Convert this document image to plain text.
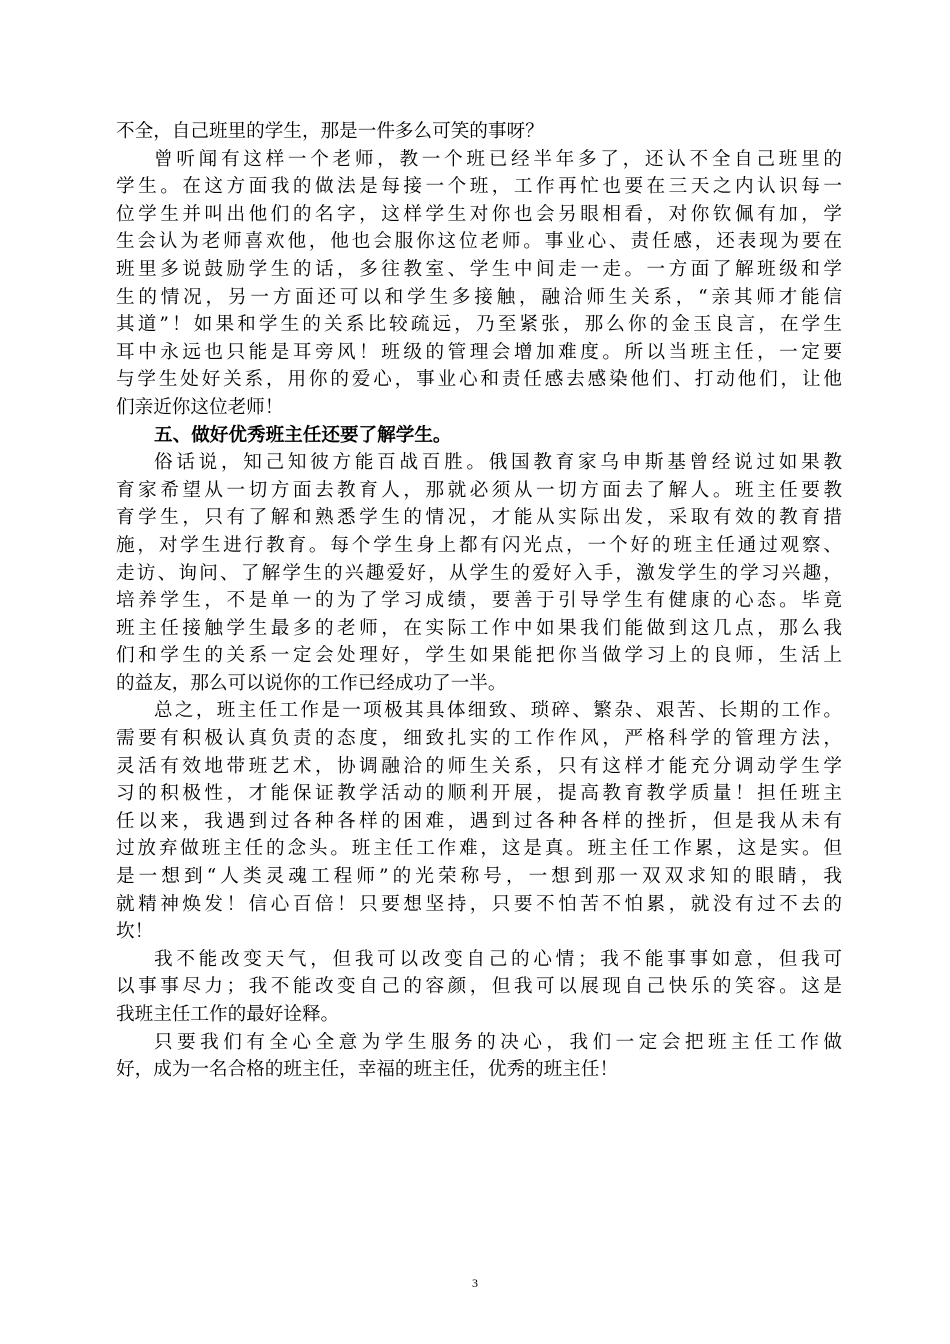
不全，自己班里的学生，那是一件多么可笑的事呀？
曾听闻有这样一个老师，教一个班已经半年多了，还认不全自己班里的
学生。在这方面我的做法是每接一个班，工作再忙也要在三天之内认识每一
位学生并叫出他们的名字，这样学生对你也会另眼相看，对你钦佩有加，学
生会认为老师喜欢他，他也会服你这位老师。事业心、责任感，还表现为要在
班里多说鼓励学生的话，多往教室、学生中间走一走。一方面了解班级和学
生的情况，另一方面还可以和学生多接触，融洽师生关系，“亲其师才能信
其道”！如果和学生的关系比较疏远，乃至紧张，那么你的金玉良言，在学生
耳中永远也只能是耳旁风！班级的管理会增加难度。所以当班主任，一定要
与学生处好关系，用你的爱心，事业心和责任感去感染他们、打动他们，让他
们亲近你这位老师！
五、做好优秀班主任还要了解学生。
俗话说，知己知彼方能百战百胜。俄国教育家乌申斯基曾经说过如果教
育家希望从一切方面去教育人，那就必须从一切方面去了解人。班主任要教
育学生，只有了解和熟悉学生的情况，才能从实际出发，采取有效的教育措
施，对学生进行教育。每个学生身上都有闪光点，一个好的班主任通过观察、
走访、询问、了解学生的兴趣爱好，从学生的爱好入手，激发学生的学习兴趣，
培养学生，不是单一的为了学习成绩，要善于引导学生有健康的心态。毕竟
班主任接触学生最多的老师，在实际工作中如果我们能做到这几点，那么我
们和学生的关系一定会处理好，学生如果能把你当做学习上的良师，生活上
的益友，那么可以说你的工作已经成功了一半。
总之，班主任工作是一项极其具体细致、琐碎、繁杂、艰苦、长期的工作。
需要有积极认真负责的态度，细致扎实的工作作风，严格科学的管理方法，
灵活有效地带班艺术，协调融洽的师生关系，只有这样才能充分调动学生学
习的积极性，才能保证教学活动的顺利开展，提高教育教学质量！担任班主
任以来，我遇到过各种各样的困难，遇到过各种各样的挫折，但是我从未有
过放弃做班主任的念头。班主任工作难，这是真。班主任工作累，这是实。但
是一想到“人类灵魂工程师”的光荣称号，一想到那一双双求知的眼睛，我
就精神焕发！信心百倍！只要想坚持，只要不怕苦不怕累，就没有过不去的
坎！
我不能改变天气，但我可以改变自己的心情；我不能事事如意，但我可
以事事尽力；我不能改变自己的容颜，但我可以展现自己快乐的笑容。这是
我班主任工作的最好诠释。
只要我们有全心全意为学生服务的决心，我们一定会把班主任工作做
好，成为一名合格的班主任，幸福的班主任，优秀的班主任！
3
